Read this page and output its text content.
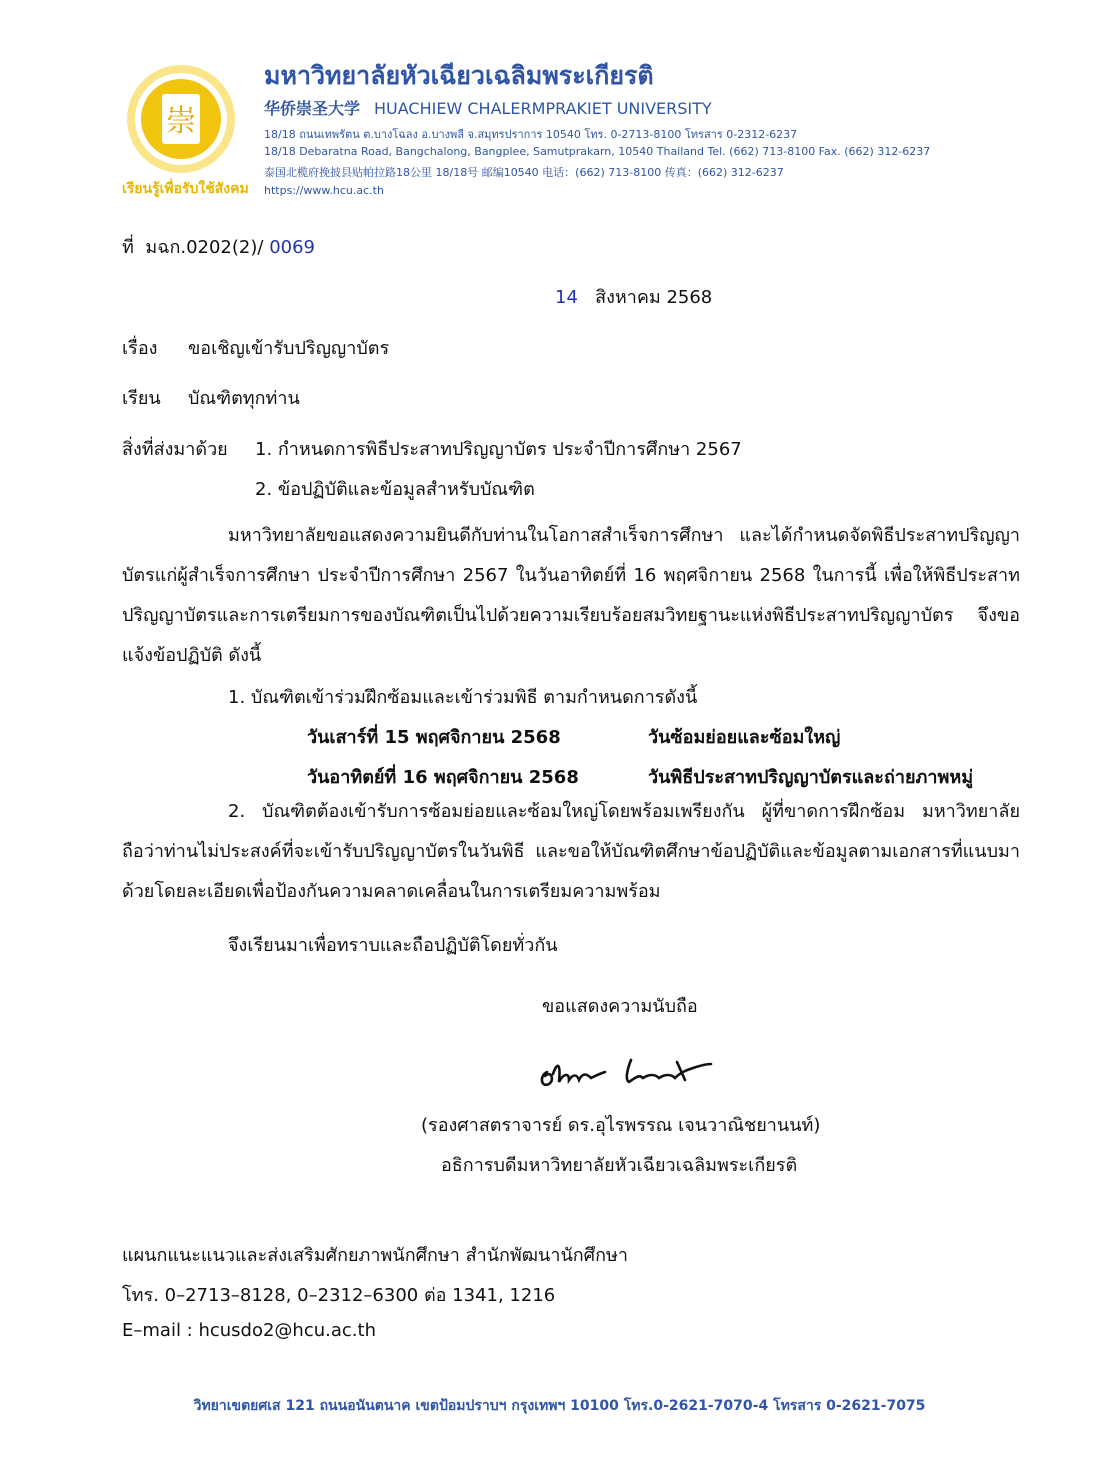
崇
เรียนรู้เพื่อรับใช้สังคม
มหาวิทยาลัยหัวเฉียวเฉลิมพระเกียรติ
华侨崇圣大学 HUACHIEW CHALERMPRAKIET UNIVERSITY
18/18 ถนนเทพรัตน ต.บางโฉลง อ.บางพลี จ.สมุทรปราการ 10540 โทร. 0-2713-8100 โทรสาร 0-2312-6237
18/18 Debaratna Road, Bangchalong, Bangplee, Samutprakarn, 10540 Thailand Tel. (662) 713-8100 Fax. (662) 312-6237
泰国北榄府挽披县贴帕拉路18公里 18/18号 邮编10540 电话：(662) 713-8100 传真：(662) 312-6237
https://www.hcu.ac.th
ที่ มฉก.0202(2)/ 0069
14 สิงหาคม 2568
เรื่อง ขอเชิญเข้ารับปริญญาบัตร
เรียน บัณฑิตทุกท่าน
สิ่งที่ส่งมาด้วย 1. กำหนดการพิธีประสาทปริญญาบัตร ประจำปีการศึกษา 2567
2. ข้อปฏิบัติและข้อมูลสำหรับบัณฑิต
มหาวิทยาลัยขอแสดงความยินดีกับท่านในโอกาสสำเร็จการศึกษา และได้กำหนดจัดพิธีประสาทปริญญาบัตรแก่ผู้สำเร็จการศึกษา ประจำปีการศึกษา 2567 ในวันอาทิตย์ที่ 16 พฤศจิกายน 2568 ในการนี้ เพื่อให้พิธีประสาทปริญญาบัตรและการเตรียมการของบัณฑิตเป็นไปด้วยความเรียบร้อยสมวิทยฐานะแห่งพิธีประสาทปริญญาบัตร จึงขอแจ้งข้อปฏิบัติ ดังนี้
1. บัณฑิตเข้าร่วมฝึกซ้อมและเข้าร่วมพิธี ตามกำหนดการดังนี้
วันเสาร์ที่ 15 พฤศจิกายน 2568	วันซ้อมย่อยและซ้อมใหญ่
วันอาทิตย์ที่ 16 พฤศจิกายน 2568	วันพิธีประสาทปริญญาบัตรและถ่ายภาพหมู่
2. บัณฑิตต้องเข้ารับการซ้อมย่อยและซ้อมใหญ่โดยพร้อมเพรียงกัน ผู้ที่ขาดการฝึกซ้อม มหาวิทยาลัยถือว่าท่านไม่ประสงค์ที่จะเข้ารับปริญญาบัตรในวันพิธี และขอให้บัณฑิตศึกษาข้อปฏิบัติและข้อมูลตามเอกสารที่แนบมาด้วยโดยละเอียดเพื่อป้องกันความคลาดเคลื่อนในการเตรียมความพร้อม
จึงเรียนมาเพื่อทราบและถือปฏิบัติโดยทั่วกัน
ขอแสดงความนับถือ
(รองศาสตราจารย์ ดร.อุไรพรรณ เจนวาณิชยานนท์)
อธิการบดีมหาวิทยาลัยหัวเฉียวเฉลิมพระเกียรติ
แผนกแนะแนวและส่งเสริมศักยภาพนักศึกษา สำนักพัฒนานักศึกษา
โทร. 0–2713–8128, 0–2312–6300 ต่อ 1341, 1216
E–mail : hcusdo2@hcu.ac.th
วิทยาเขตยศเส 121 ถนนอนันตนาค เขตป้อมปราบฯ กรุงเทพฯ 10100 โทร.0-2621-7070-4 โทรสาร 0-2621-7075
